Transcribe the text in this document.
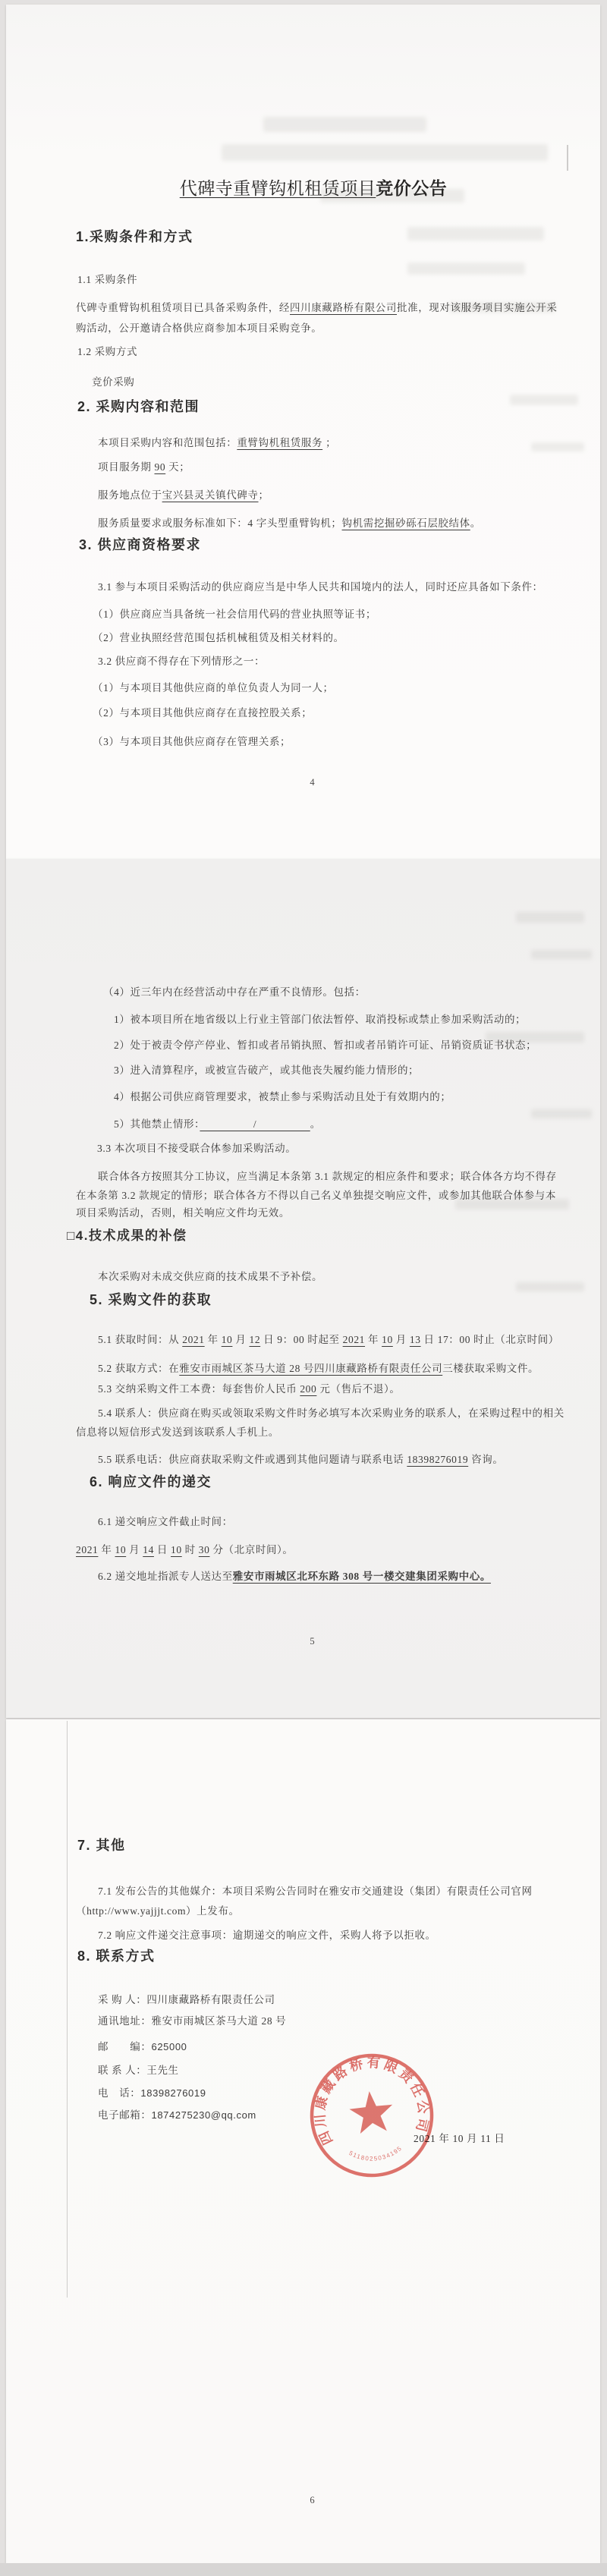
代碑寺重臂钩机租赁项目竞价公告
1.采购条件和方式
1.1 采购条件
代碑寺重臂钩机租赁项目已具备采购条件，经四川康藏路桥有限公司批准，现对该服务项目实施公开采
购活动，公开邀请合格供应商参加本项目采购竞争。
1.2 采购方式
竞价采购
2. 采购内容和范围
本项目采购内容和范围包括：重臂钩机租赁服务 ；
项目服务期 90 天；
服务地点位于宝兴县灵关镇代碑寺；
服务质量要求或服务标准如下：4 字头型重臂钩机；钩机需挖掘砂砾石层胶结体。
3. 供应商资格要求
3.1 参与本项目采购活动的供应商应当是中华人民共和国境内的法人，同时还应具备如下条件：
（1）供应商应当具备统一社会信用代码的营业执照等证书；
（2）营业执照经营范围包括机械租赁及相关材料的。
3.2 供应商不得存在下列情形之一：
（1）与本项目其他供应商的单位负责人为同一人；
（2）与本项目其他供应商存在直接控股关系；
（3）与本项目其他供应商存在管理关系；
4
（4）近三年内在经营活动中存在严重不良情形。包括：
1）被本项目所在地省级以上行业主管部门依法暂停、取消投标或禁止参加采购活动的；
2）处于被责令停产停业、暂扣或者吊销执照、暂扣或者吊销许可证、吊销资质证书状态；
3）进入清算程序，或被宣告破产，或其他丧失履约能力情形的；
4）根据公司供应商管理要求，被禁止参与采购活动且处于有效期内的；
5）其他禁止情形：　　　　　/　　　　　。
3.3 本次项目不接受联合体参加采购活动。
联合体各方按照其分工协议，应当满足本条第 3.1 款规定的相应条件和要求；联合体各方均不得存
在本条第 3.2 款规定的情形；联合体各方不得以自己名义单独提交响应文件，或参加其他联合体参与本
项目采购活动，否则，相关响应文件均无效。
□4.技术成果的补偿
本次采购对未成交供应商的技术成果不予补偿。
5. 采购文件的获取
5.1 获取时间：从 2021 年 10 月 12 日 9：00 时起至 2021 年 10 月 13 日 17：00 时止（北京时间）
5.2 获取方式：在雅安市雨城区茶马大道 28 号四川康藏路桥有限责任公司三楼获取采购文件。
5.3 交纳采购文件工本费：每套售价人民币 200 元（售后不退）。
5.4 联系人：供应商在购买或领取采购文件时务必填写本次采购业务的联系人，在采购过程中的相关
信息将以短信形式发送到该联系人手机上。
5.5 联系电话：供应商获取采购文件或遇到其他问题请与联系电话 18398276019 咨询。
6. 响应文件的递交
6.1 递交响应文件截止时间：
2021 年 10 月 14 日 10 时 30 分（北京时间）。
6.2 递交地址指派专人送达至雅安市雨城区北环东路 308 号一楼交建集团采购中心。
5
7. 其他
7.1 发布公告的其他媒介：本项目采购公告同时在雅安市交通建设（集团）有限责任公司官网
（http://www.yajjjt.com）上发布。
7.2 响应文件递交注意事项：逾期递交的响应文件，采购人将予以拒收。
8. 联系方式
采 购 人：四川康藏路桥有限责任公司
通讯地址：雅安市雨城区茶马大道 28 号
邮　　编：625000
联 系 人：王先生
电　话：18398276019
电子邮箱：1874275230@qq.com
2021 年 10 月 11 日
四川康藏路桥有限责任公司
5118025034195
6
